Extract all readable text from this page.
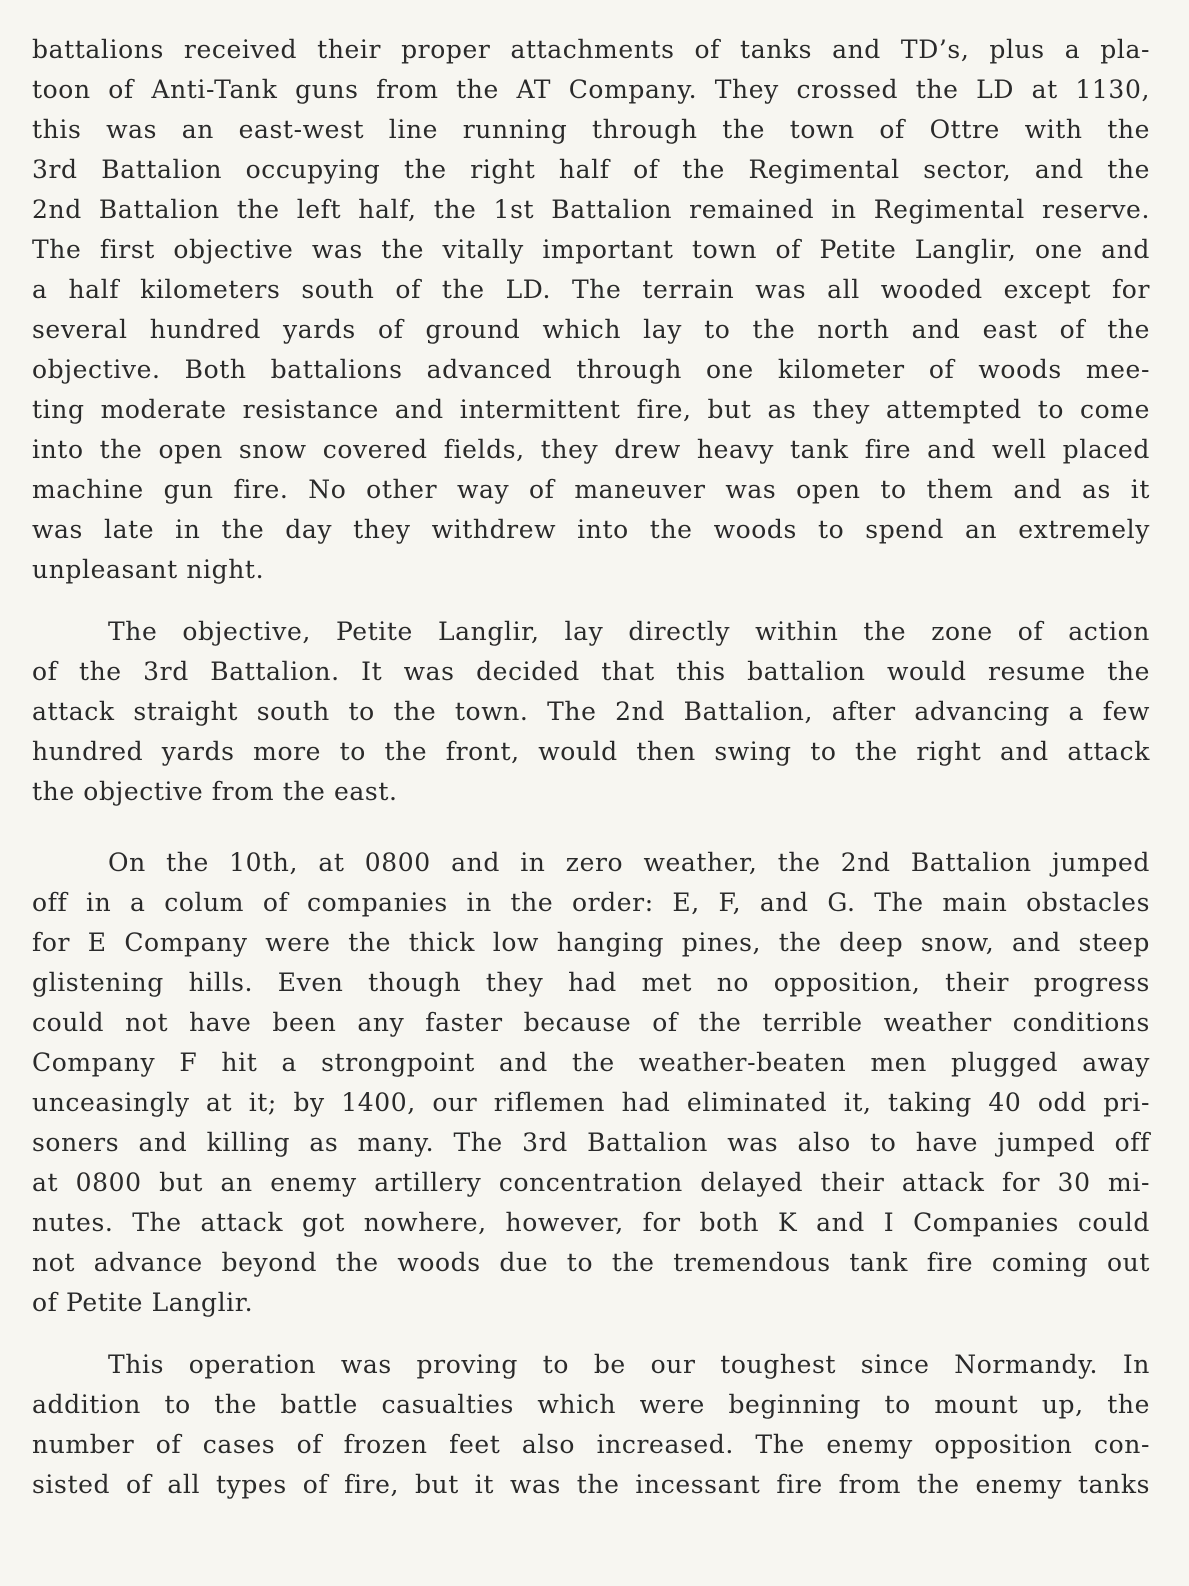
battalions received their proper attachments of tanks and TD’s, plus a pla-
toon of Anti-Tank guns from the AT Company. They crossed the LD at 1130,
this was an east-west line running through the town of Ottre with the
3rd Battalion occupying the right half of the Regimental sector, and the
2nd Battalion the left half, the 1st Battalion remained in Regimental reserve.
The first objective was the vitally important town of Petite Langlir, one and
a half kilometers south of the LD. The terrain was all wooded except for
several hundred yards of ground which lay to the north and east of the
objective. Both battalions advanced through one kilometer of woods mee-
ting moderate resistance and intermittent fire, but as they attempted to come
into the open snow covered fields, they drew heavy tank fire and well placed
machine gun fire. No other way of maneuver was open to them and as it
was late in the day they withdrew into the woods to spend an extremely
unpleasant night.
The objective, Petite Langlir, lay directly within the zone of action
of the 3rd Battalion. It was decided that this battalion would resume the
attack straight south to the town. The 2nd Battalion, after advancing a few
hundred yards more to the front, would then swing to the right and attack
the objective from the east.
On the 10th, at 0800 and in zero weather, the 2nd Battalion jumped
off in a colum of companies in the order: E, F, and G. The main obstacles
for E Company were the thick low hanging pines, the deep snow, and steep
glistening hills. Even though they had met no opposition, their progress
could not have been any faster because of the terrible weather conditions
Company F hit a strongpoint and the weather-beaten men plugged away
unceasingly at it; by 1400, our riflemen had eliminated it, taking 40 odd pri-
soners and killing as many. The 3rd Battalion was also to have jumped off
at 0800 but an enemy artillery concentration delayed their attack for 30 mi-
nutes. The attack got nowhere, however, for both K and I Companies could
not advance beyond the woods due to the tremendous tank fire coming out
of Petite Langlir.
This operation was proving to be our toughest since Normandy. In
addition to the battle casualties which were beginning to mount up, the
number of cases of frozen feet also increased. The enemy opposition con-
sisted of all types of fire, but it was the incessant fire from the enemy tanks
